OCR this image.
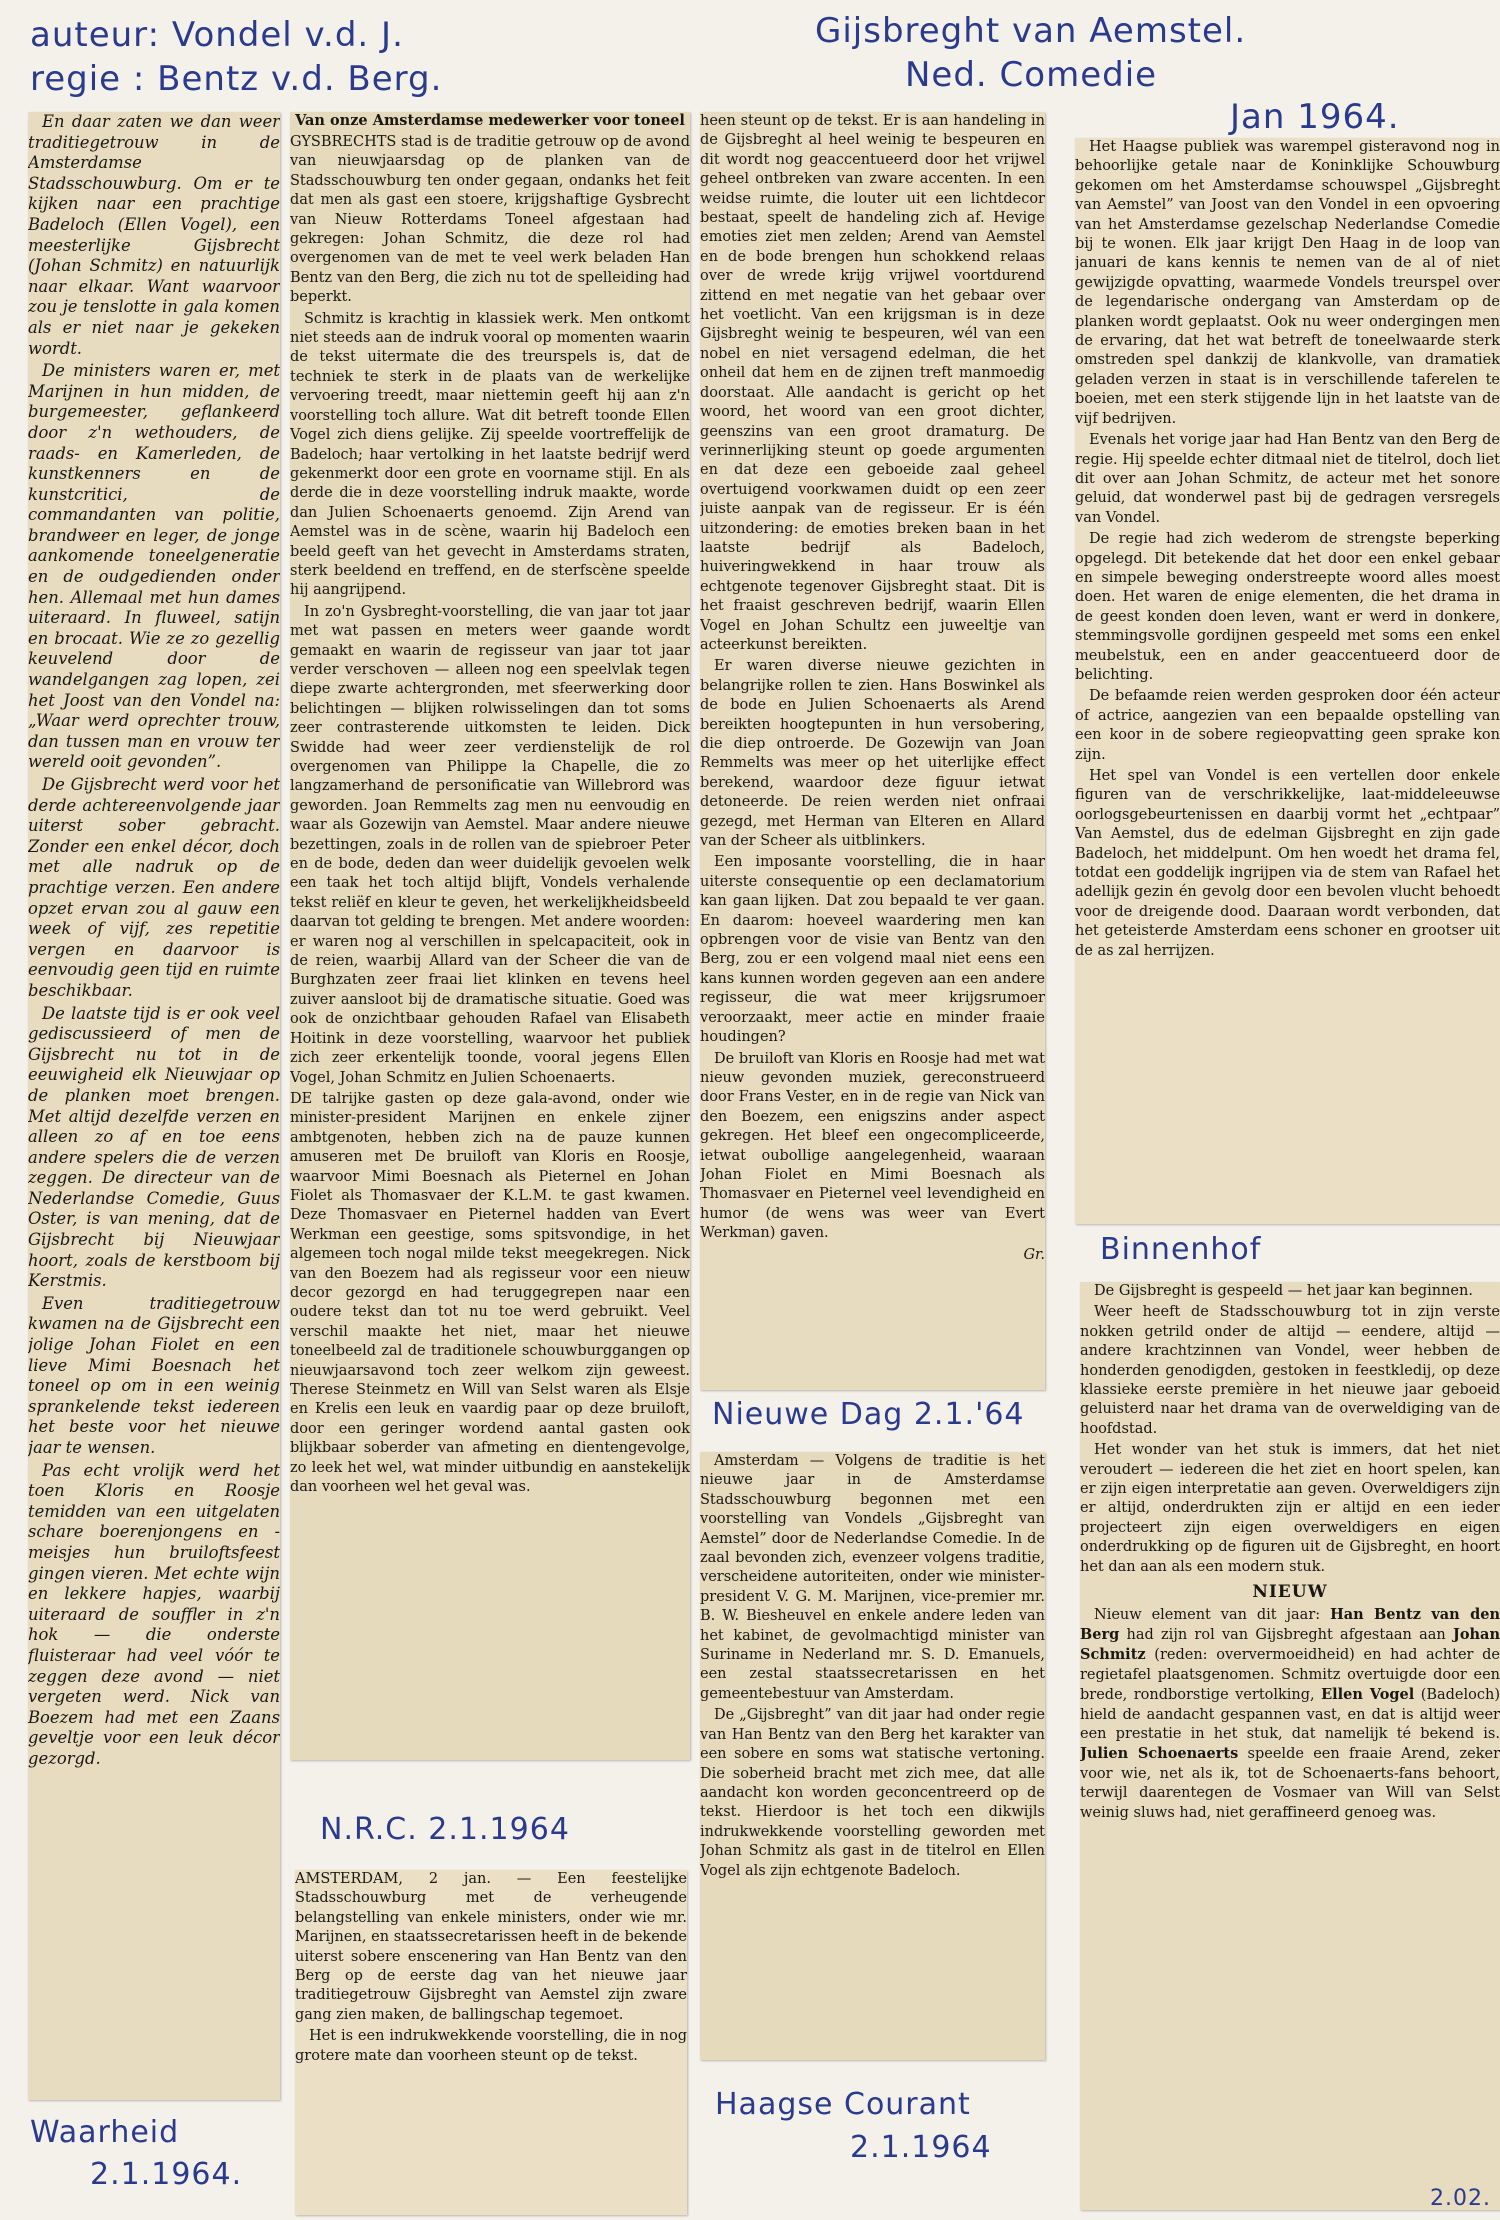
auteur: Vondel v.d. J.
regie : Bentz v.d. Berg.
Gijsbreght van Aemstel.
Ned. Comedie
Jan 1964.

En daar zaten we dan weer traditiegetrouw in de Amsterdamse Stadsschouwburg. Om er te kijken naar een prachtige Badeloch (Ellen Vogel), een meesterlijke Gijsbrecht (Johan Schmitz) en natuurlijk naar elkaar. Want waarvoor zou je tenslotte in gala komen als er niet naar je gekeken wordt.

De ministers waren er, met Marijnen in hun midden, de burgemeester, geflankeerd door z'n wethouders, de raads- en Kamerleden, de kunstkenners en de kunstcritici, de commandanten van politie, brandweer en leger, de jonge aankomende toneelgeneratie en de oudgedienden onder hen. Allemaal met hun dames uiteraard. In fluweel, satijn en brocaat. Wie ze zo gezellig keuvelend door de wandelgangen zag lopen, zei het Joost van den Vondel na: „Waar werd oprechter trouw, dan tussen man en vrouw ter wereld ooit gevonden”.

De Gijsbrecht werd voor het derde achtereenvolgende jaar uiterst sober gebracht. Zonder een enkel décor, doch met alle nadruk op de prachtige verzen. Een andere opzet ervan zou al gauw een week of vijf, zes repetitie vergen en daarvoor is eenvoudig geen tijd en ruimte beschikbaar.

De laatste tijd is er ook veel gediscussieerd of men de Gijsbrecht nu tot in de eeuwigheid elk Nieuwjaar op de planken moet brengen. Met altijd dezelfde verzen en alleen zo af en toe eens andere spelers die de verzen zeggen. De directeur van de Nederlandse Comedie, Guus Oster, is van mening, dat de Gijsbrecht bij Nieuwjaar hoort, zoals de kerstboom bij Kerstmis.

Even traditiegetrouw kwamen na de Gijsbrecht een jolige Johan Fiolet en een lieve Mimi Boesnach het toneel op om in een weinig sprankelende tekst iedereen het beste voor het nieuwe jaar te wensen.

Pas echt vrolijk werd het toen Kloris en Roosje temidden van een uitgelaten schare boerenjongens en -meisjes hun bruiloftsfeest gingen vieren. Met echte wijn en lekkere hapjes, waarbij uiteraard de souffler in z'n hok — die onderste fluisteraar had veel vóór te zeggen deze avond — niet vergeten werd. Nick van Boezem had met een Zaans geveltje voor een leuk décor gezorgd.

Waarheid
2.1.1964.
Van onze Amsterdamse medewerker voor toneel

GYSBRECHTS stad is de traditie getrouw op de avond van nieuwjaarsdag op de planken van de Stadsschouwburg ten onder gegaan, ondanks het feit dat men als gast een stoere, krijgshaftige Gysbrecht van Nieuw Rotterdams Toneel afgestaan had gekregen: Johan Schmitz, die deze rol had overgenomen van de met te veel werk beladen Han Bentz van den Berg, die zich nu tot de spelleiding had beperkt.

Schmitz is krachtig in klassiek werk. Men ontkomt niet steeds aan de indruk vooral op momenten waarin de tekst uitermate die des treurspels is, dat de techniek te sterk in de plaats van de werkelijke vervoering treedt, maar niettemin geeft hij aan z'n voorstelling toch allure. Wat dit betreft toonde Ellen Vogel zich diens gelijke. Zij speelde voortreffelijk de Badeloch; haar vertolking in het laatste bedrijf werd gekenmerkt door een grote en voorname stijl. En als derde die in deze voorstelling indruk maakte, worde dan Julien Schoenaerts genoemd. Zijn Arend van Aemstel was in de scène, waarin hij Badeloch een beeld geeft van het gevecht in Amsterdams straten, sterk beeldend en treffend, en de sterfscène speelde hij aangrijpend.

In zo'n Gysbreght-voorstelling, die van jaar tot jaar met wat passen en meters weer gaande wordt gemaakt en waarin de regisseur van jaar tot jaar verder verschoven — alleen nog een speelvlak tegen diepe zwarte achtergronden, met sfeerwerking door belichtingen — blijken rolwisselingen dan tot soms zeer contrasterende uitkomsten te leiden. Dick Swidde had weer zeer verdienstelijk de rol overgenomen van Philippe la Chapelle, die zo langzamerhand de personificatie van Willebrord was geworden. Joan Remmelts zag men nu eenvoudig en waar als Gozewijn van Aemstel. Maar andere nieuwe bezettingen, zoals in de rollen van de spiebroer Peter en de bode, deden dan weer duidelijk gevoelen welk een taak het toch altijd blijft, Vondels verhalende tekst reliëf en kleur te geven, het werkelijkheidsbeeld daarvan tot gelding te brengen. Met andere woorden: er waren nog al verschillen in spelcapaciteit, ook in de reien, waarbij Allard van der Scheer die van de Burghzaten zeer fraai liet klinken en tevens heel zuiver aansloot bij de dramatische situatie. Goed was ook de onzichtbaar gehouden Rafael van Elisabeth Hoitink in deze voorstelling, waarvoor het publiek zich zeer erkentelijk toonde, vooral jegens Ellen Vogel, Johan Schmitz en Julien Schoenaerts.

DE talrijke gasten op deze gala-avond, onder wie minister-president Marijnen en enkele zijner ambtgenoten, hebben zich na de pauze kunnen amuseren met De bruiloft van Kloris en Roosje, waarvoor Mimi Boesnach als Pieternel en Johan Fiolet als Thomasvaer der K.L.M. te gast kwamen. Deze Thomasvaer en Pieternel hadden van Evert Werkman een geestige, soms spitsvondige, in het algemeen toch nogal milde tekst meegekregen. Nick van den Boezem had als regisseur voor een nieuw decor gezorgd en had teruggegrepen naar een oudere tekst dan tot nu toe werd gebruikt. Veel verschil maakte het niet, maar het nieuwe toneelbeeld zal de traditionele schouwburggangen op nieuwjaarsavond toch zeer welkom zijn geweest. Therese Steinmetz en Will van Selst waren als Elsje en Krelis een leuk en vaardig paar op deze bruiloft, door een geringer wordend aantal gasten ook blijkbaar soberder van afmeting en dientengevolge, zo leek het wel, wat minder uitbundig en aanstekelijk dan voorheen wel het geval was.

N.R.C. 2.1.1964

AMSTERDAM, 2 jan. — Een feestelijke Stadsschouwburg met de verheugende belangstelling van enkele ministers, onder wie mr. Marijnen, en staatssecretarissen heeft in de bekende uiterst sobere enscenering van Han Bentz van den Berg op de eerste dag van het nieuwe jaar traditiegetrouw Gijsbreght van Aemstel zijn zware gang zien maken, de ballingschap tegemoet.

Het is een indrukwekkende voorstelling, die in nog grotere mate dan voorheen steunt op de tekst.

heen steunt op de tekst. Er is aan handeling in de Gijsbreght al heel weinig te bespeuren en dit wordt nog geaccentueerd door het vrijwel geheel ontbreken van zware accenten. In een weidse ruimte, die louter uit een lichtdecor bestaat, speelt de handeling zich af. Hevige emoties ziet men zelden; Arend van Aemstel en de bode brengen hun schokkend relaas over de wrede krijg vrijwel voortdurend zittend en met negatie van het gebaar over het voetlicht. Van een krijgsman is in deze Gijsbreght weinig te bespeuren, wél van een nobel en niet versagend edelman, die het onheil dat hem en de zijnen treft manmoedig doorstaat. Alle aandacht is gericht op het woord, het woord van een groot dichter, geenszins van een groot dramaturg. De verinnerlijking steunt op goede argumenten en dat deze een geboeide zaal geheel overtuigend voorkwamen duidt op een zeer juiste aanpak van de regisseur. Er is één uitzondering: de emoties breken baan in het laatste bedrijf als Badeloch, huiveringwekkend in haar trouw als echtgenote tegenover Gijsbreght staat. Dit is het fraaist geschreven bedrijf, waarin Ellen Vogel en Johan Schultz een juweeltje van acteerkunst bereikten.

Er waren diverse nieuwe gezichten in belangrijke rollen te zien. Hans Boswinkel als de bode en Julien Schoenaerts als Arend bereikten hoogtepunten in hun versobering, die diep ontroerde. De Gozewijn van Joan Remmelts was meer op het uiterlijke effect berekend, waardoor deze figuur ietwat detoneerde. De reien werden niet onfraai gezegd, met Herman van Elteren en Allard van der Scheer als uitblinkers.

Een imposante voorstelling, die in haar uiterste consequentie op een declamatorium kan gaan lijken. Dat zou bepaald te ver gaan. En daarom: hoeveel waardering men kan opbrengen voor de visie van Bentz van den Berg, zou er een volgend maal niet eens een kans kunnen worden gegeven aan een andere regisseur, die wat meer krijgsrumoer veroorzaakt, meer actie en minder fraaie houdingen?

De bruiloft van Kloris en Roosje had met wat nieuw gevonden muziek, gereconstrueerd door Frans Vester, en in de regie van Nick van den Boezem, een enigszins ander aspect gekregen. Het bleef een ongecompliceerde, ietwat oubollige aangelegenheid, waaraan Johan Fiolet en Mimi Boesnach als Thomasvaer en Pieternel veel levendigheid en humor (de wens was weer van Evert Werkman) gaven.

Gr.

Nieuwe Dag 2.1.'64

Amsterdam — Volgens de traditie is het nieuwe jaar in de Amsterdamse Stadsschouwburg begonnen met een voorstelling van Vondels „Gijsbreght van Aemstel” door de Nederlandse Comedie. In de zaal bevonden zich, evenzeer volgens traditie, verscheidene autoriteiten, onder wie minister-president V. G. M. Marijnen, vice-premier mr. B. W. Biesheuvel en enkele andere leden van het kabinet, de gevolmachtigd minister van Suriname in Nederland mr. S. D. Emanuels, een zestal staatssecretarissen en het gemeentebestuur van Amsterdam.

De „Gijsbreght” van dit jaar had onder regie van Han Bentz van den Berg het karakter van een sobere en soms wat statische vertoning. Die soberheid bracht met zich mee, dat alle aandacht kon worden geconcentreerd op de tekst. Hierdoor is het toch een dikwijls indrukwekkende voorstelling geworden met Johan Schmitz als gast in de titelrol en Ellen Vogel als zijn echtgenote Badeloch.

Haagse Courant
2.1.1964

Het Haagse publiek was warempel gisteravond nog in behoorlijke getale naar de Koninklijke Schouwburg gekomen om het Amsterdamse schouwspel „Gijsbreght van Aemstel” van Joost van den Vondel in een opvoering van het Amsterdamse gezelschap Nederlandse Comedie bij te wonen. Elk jaar krijgt Den Haag in de loop van januari de kans kennis te nemen van de al of niet gewijzigde opvatting, waarmede Vondels treurspel over de legendarische ondergang van Amsterdam op de planken wordt geplaatst. Ook nu weer ondergingen men de ervaring, dat het wat betreft de toneelwaarde sterk omstreden spel dankzij de klankvolle, van dramatiek geladen verzen in staat is in verschillende taferelen te boeien, met een sterk stijgende lijn in het laatste van de vijf bedrijven.

Evenals het vorige jaar had Han Bentz van den Berg de regie. Hij speelde echter ditmaal niet de titelrol, doch liet dit over aan Johan Schmitz, de acteur met het sonore geluid, dat wonderwel past bij de gedragen versregels van Vondel.

De regie had zich wederom de strengste beperking opgelegd. Dit betekende dat het door een enkel gebaar en simpele beweging onderstreepte woord alles moest doen. Het waren de enige elementen, die het drama in de geest konden doen leven, want er werd in donkere, stemmingsvolle gordijnen gespeeld met soms een enkel meubelstuk, een en ander geaccentueerd door de belichting.

De befaamde reien werden gesproken door één acteur of actrice, aangezien van een bepaalde opstelling van een koor in de sobere regieopvatting geen sprake kon zijn.

Het spel van Vondel is een vertellen door enkele figuren van de verschrikkelijke, laat-middeleeuwse oorlogsgebeurtenissen en daarbij vormt het „echtpaar” Van Aemstel, dus de edelman Gijsbreght en zijn gade Badeloch, het middelpunt. Om hen woedt het drama fel, totdat een goddelijk ingrijpen via de stem van Rafael het adellijk gezin én gevolg door een bevolen vlucht behoedt voor de dreigende dood. Daaraan wordt verbonden, dat het geteisterde Amsterdam eens schoner en grootser uit de as zal herrijzen.

Binnenhof

De Gijsbreght is gespeeld — het jaar kan beginnen.

Weer heeft de Stadsschouwburg tot in zijn verste nokken getrild onder de altijd — eendere, altijd — andere krachtzinnen van Vondel, weer hebben de honderden genodigden, gestoken in feestkledij, op deze klassieke eerste première in het nieuwe jaar geboeid geluisterd naar het drama van de overweldiging van de hoofdstad.

Het wonder van het stuk is immers, dat het niet veroudert — iedereen die het ziet en hoort spelen, kan er zijn eigen interpretatie aan geven. Overweldigers zijn er altijd, onderdrukten zijn er altijd en een ieder projecteert zijn eigen overweldigers en eigen onderdrukking op de figuren uit de Gijsbreght, en hoort het dan aan als een modern stuk.

NIEUW

Nieuw element van dit jaar: Han Bentz van den Berg had zijn rol van Gijsbreght afgestaan aan Johan Schmitz (reden: oververmoeidheid) en had achter de regietafel plaatsgenomen. Schmitz overtuigde door een brede, rondborstige vertolking, Ellen Vogel (Badeloch) hield de aandacht gespannen vast, en dat is altijd weer een prestatie in het stuk, dat namelijk té bekend is. Julien Schoenaerts speelde een fraaie Arend, zeker voor wie, net als ik, tot de Schoenaerts-fans behoort, terwijl daarentegen de Vosmaer van Will van Selst weinig sluws had, niet geraffineerd genoeg was.

2.02.
